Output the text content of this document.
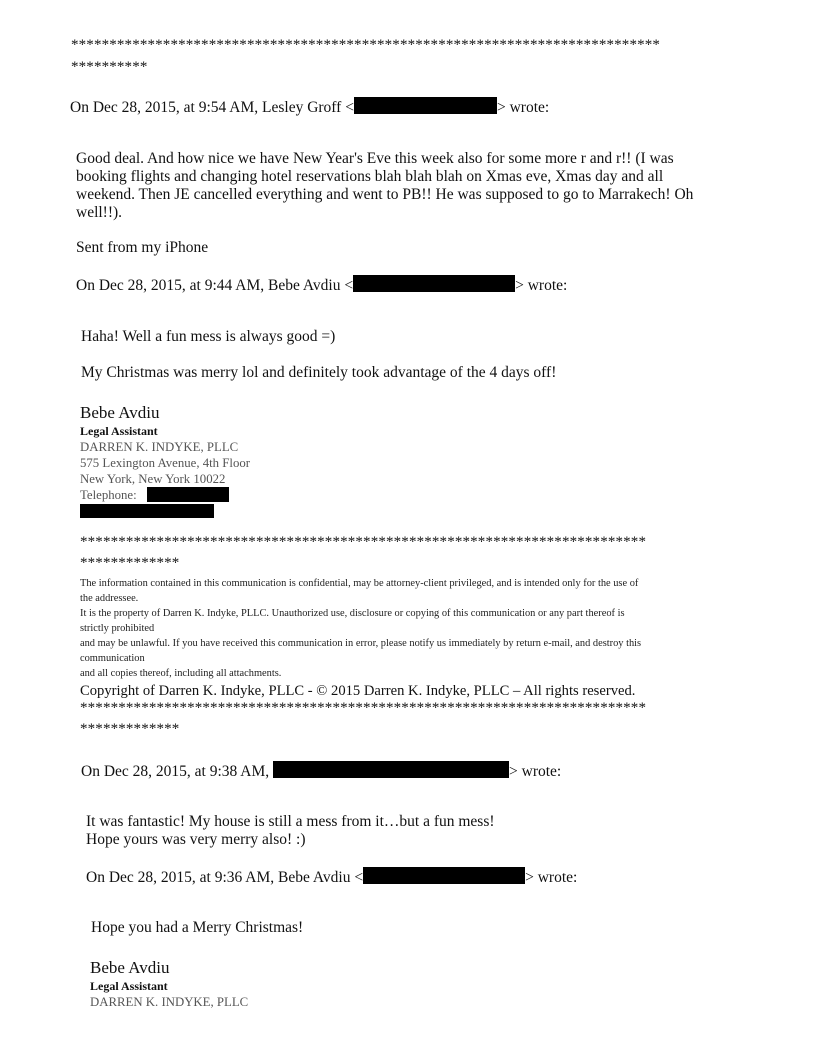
*****************************************************************************
**********
On Dec 28, 2015, at 9:54 AM, Lesley Groff <	> wrote:
Good deal. And how nice we have New Year's Eve this week also for some more r and r!! (I was
booking flights and changing hotel reservations blah blah blah on Xmas eve, Xmas day and all
weekend. Then JE cancelled everything and went to PB!! He was supposed to go to Marrakech! Oh
well!!).
Sent from my iPhone
On Dec 28, 2015, at 9:44 AM, Bebe Avdiu <	> wrote:
Haha! Well a fun mess is always good =)
My Christmas was merry lol and definitely took advantage of the 4 days off!
Bebe Avdiu
Legal Assistant
DARREN K. INDYKE, PLLC
575 Lexington Avenue, 4th Floor
New York, New York 10022
Telephone:
**************************************************************************
*************
The information contained in this communication is confidential, may be attorney-client privileged, and is intended only for the use of
the addressee.
It is the property of Darren K. Indyke, PLLC. Unauthorized use, disclosure or copying of this communication or any part thereof is
strictly prohibited
and may be unlawful. If you have received this communication in error, please notify us immediately by return e-mail, and destroy this
communication
and all copies thereof, including all attachments.
Copyright of Darren K. Indyke, PLLC - © 2015 Darren K. Indyke, PLLC – All rights reserved.
**************************************************************************
*************
On Dec 28, 2015, at 9:38 AM,	> wrote:
It was fantastic! My house is still a mess from it…but a fun mess!
Hope yours was very merry also! :)
On Dec 28, 2015, at 9:36 AM, Bebe Avdiu <	> wrote:
Hope you had a Merry Christmas!
Bebe Avdiu
Legal Assistant
DARREN K. INDYKE, PLLC
